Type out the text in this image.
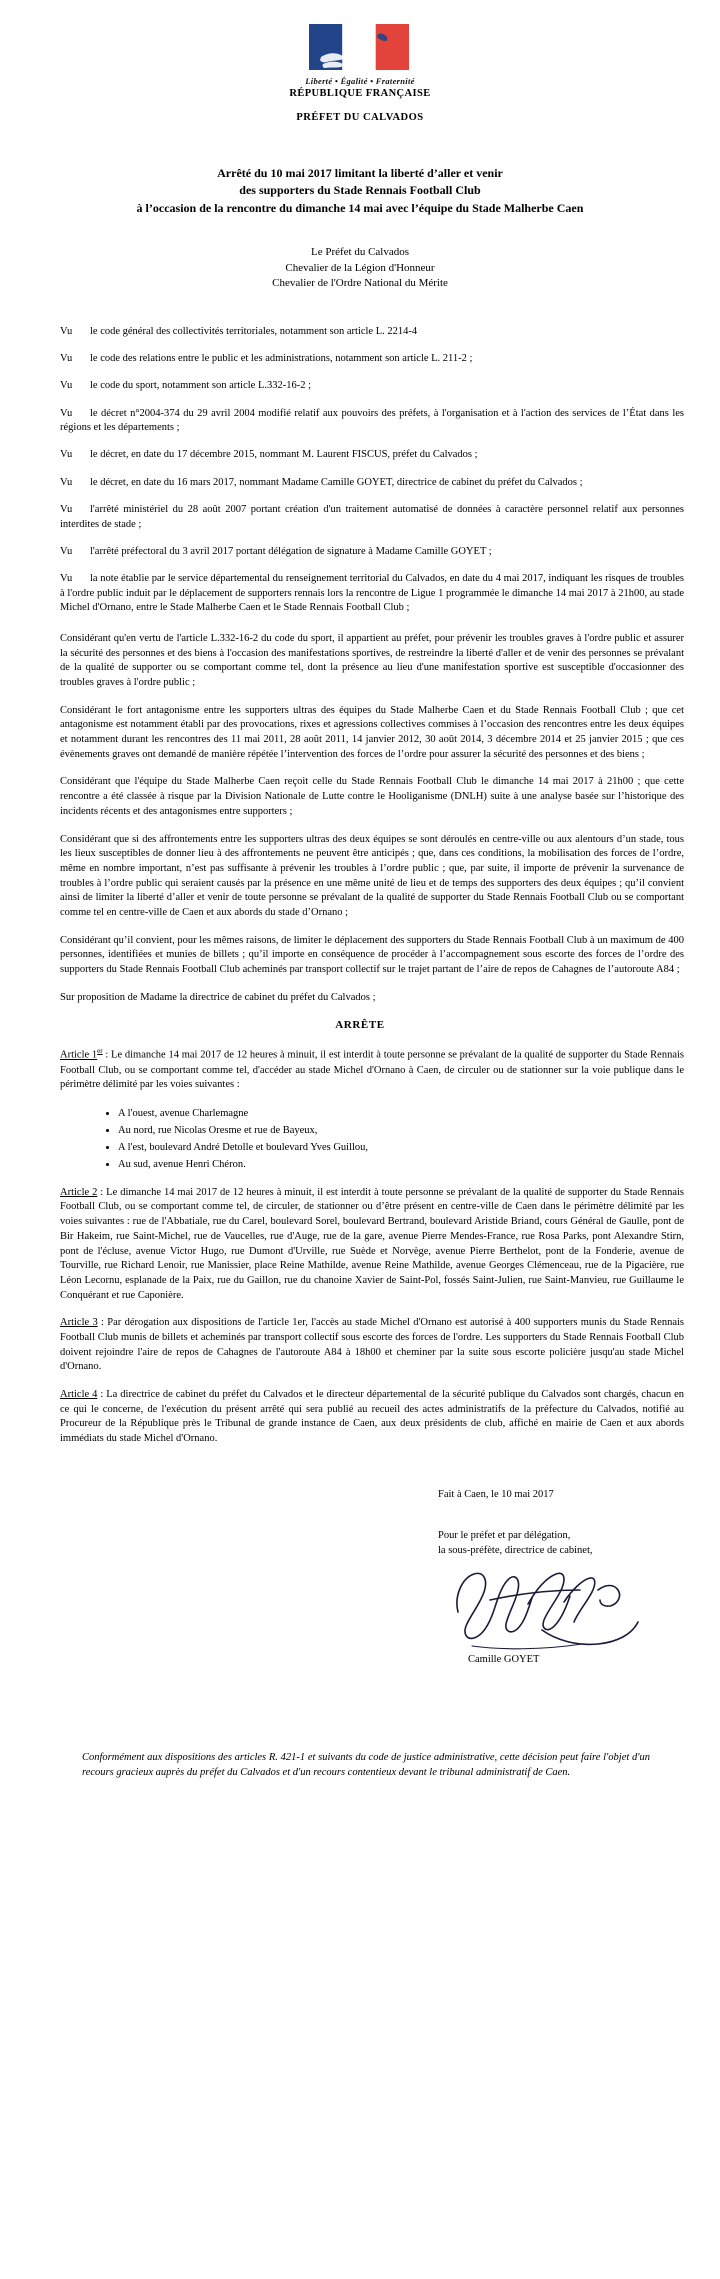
Liberté • Égalité • Fraternité
RÉPUBLIQUE FRANÇAISE
PRÉFET DU CALVADOS
Arrêté du 10 mai 2017 limitant la liberté d’aller et venir
des supporters du Stade Rennais Football Club
à l’occasion de la rencontre du dimanche 14 mai avec l’équipe du Stade Malherbe Caen
Le Préfet du Calvados
Chevalier de la Légion d'Honneur
Chevalier de l'Ordre National du Mérite

Vu le code général des collectivités territoriales, notamment son article L. 2214-4

Vu le code des relations entre le public et les administrations, notamment son article L. 211-2 ;

Vu le code du sport, notamment son article L.332-16-2 ;

Vu le décret n°2004-374 du 29 avril 2004 modifié relatif aux pouvoirs des préfets, à l'organisation et à l'action des services de l’État dans les régions et les départements ;

Vu le décret, en date du 17 décembre 2015, nommant M. Laurent FISCUS, préfet du Calvados ;

Vu le décret, en date du 16 mars 2017, nommant Madame Camille GOYET, directrice de cabinet du préfet du Calvados ;

Vu l'arrêté ministériel du 28 août 2007 portant création d'un traitement automatisé de données à caractère personnel relatif aux personnes interdites de stade ;

Vu l'arrêté préfectoral du 3 avril 2017 portant délégation de signature à Madame Camille GOYET ;

Vu la note établie par le service départemental du renseignement territorial du Calvados, en date du 4 mai 2017, indiquant les risques de troubles à l'ordre public induit par le déplacement de supporters rennais lors la rencontre de Ligue 1 programmée le dimanche 14 mai 2017 à 21h00, au stade Michel d'Ornano, entre le Stade Malherbe Caen et le Stade Rennais Football Club ;

Considérant qu'en vertu de l'article L.332-16-2 du code du sport, il appartient au préfet, pour prévenir les troubles graves à l'ordre public et assurer la sécurité des personnes et des biens à l'occasion des manifestations sportives, de restreindre la liberté d'aller et de venir des personnes se prévalant de la qualité de supporter ou se comportant comme tel, dont la présence au lieu d'une manifestation sportive est susceptible d'occasionner des troubles graves à l'ordre public ;

Considérant le fort antagonisme entre les supporters ultras des équipes du Stade Malherbe Caen et du Stade Rennais Football Club ; que cet antagonisme est notamment établi par des provocations, rixes et agressions collectives commises à l’occasion des rencontres entre les deux équipes et notamment durant les rencontres des 11 mai 2011, 28 août 2011, 14 janvier 2012, 30 août 2014, 3 décembre 2014 et 25 janvier 2015 ; que ces évènements graves ont demandé de manière répétée l’intervention des forces de l’ordre pour assurer la sécurité des personnes et des biens ;

Considérant que l'équipe du Stade Malherbe Caen reçoit celle du Stade Rennais Football Club le dimanche 14 mai 2017 à 21h00 ; que cette rencontre a été classée à risque par la Division Nationale de Lutte contre le Hooliganisme (DNLH) suite à une analyse basée sur l’historique des incidents récents et des antagonismes entre supporters ;

Considérant que si des affrontements entre les supporters ultras des deux équipes se sont déroulés en centre-ville ou aux alentours d’un stade, tous les lieux susceptibles de donner lieu à des affrontements ne peuvent être anticipés ; que, dans ces conditions, la mobilisation des forces de l’ordre, même en nombre important, n’est pas suffisante à prévenir les troubles à l’ordre public ; que, par suite, il importe de prévenir la survenance de troubles à l’ordre public qui seraient causés par la présence en une même unité de lieu et de temps des supporters des deux équipes ; qu’il convient ainsi de limiter la liberté d’aller et venir de toute personne se prévalant de la qualité de supporter du Stade Rennais Football Club ou se comportant comme tel en centre-ville de Caen et aux abords du stade d’Ornano ;

Considérant qu’il convient, pour les mêmes raisons, de limiter le déplacement des supporters du Stade Rennais Football Club à un maximum de 400 personnes, identifiées et munies de billets ; qu’il importe en conséquence de procéder à l’accompagnement sous escorte des forces de l’ordre des supporters du Stade Rennais Football Club acheminés par transport collectif sur le trajet partant de l’aire de repos de Cahagnes de l’autoroute A84 ;

Sur proposition de Madame la directrice de cabinet du préfet du Calvados ;

ARRÊTE

Article 1er : Le dimanche 14 mai 2017 de 12 heures à minuit, il est interdit à toute personne se prévalant de la qualité de supporter du Stade Rennais Football Club, ou se comportant comme tel, d'accéder au stade Michel d'Ornano à Caen, de circuler ou de stationner sur la voie publique dans le périmètre délimité par les voies suivantes :

• A l'ouest, avenue Charlemagne
• Au nord, rue Nicolas Oresme et rue de Bayeux,
• A l'est, boulevard André Detolle et boulevard Yves Guillou,
• Au sud, avenue Henri Chéron.

Article 2 : Le dimanche 14 mai 2017 de 12 heures à minuit, il est interdit à toute personne se prévalant de la qualité de supporter du Stade Rennais Football Club, ou se comportant comme tel, de circuler, de stationner ou d’être présent en centre-ville de Caen dans le périmètre délimité par les voies suivantes : rue de l'Abbatiale, rue du Carel, boulevard Sorel, boulevard Bertrand, boulevard Aristide Briand, cours Général de Gaulle, pont de Bir Hakeim, rue Saint-Michel, rue de Vaucelles, rue d'Auge, rue de la gare, avenue Pierre Mendes-France, rue Rosa Parks, pont Alexandre Stirn, pont de l'écluse, avenue Victor Hugo, rue Dumont d'Urville, rue Suède et Norvège, avenue Pierre Berthelot, pont de la Fonderie, avenue de Tourville, rue Richard Lenoir, rue Manissier, place Reine Mathilde, avenue Reine Mathilde, avenue Georges Clémenceau, rue de la Pigacière, rue Léon Lecornu, esplanade de la Paix, rue du Gaillon, rue du chanoine Xavier de Saint-Pol, fossés Saint-Julien, rue Saint-Manvieu, rue Guillaume le Conquérant et rue Caponière.

Article 3 : Par dérogation aux dispositions de l'article 1er, l'accès au stade Michel d'Ornano est autorisé à 400 supporters munis du Stade Rennais Football Club munis de billets et acheminés par transport collectif sous escorte des forces de l'ordre. Les supporters du Stade Rennais Football Club doivent rejoindre l'aire de repos de Cahagnes de l'autoroute A84 à 18h00 et cheminer par la suite sous escorte policière jusqu'au stade Michel d'Ornano.

Article 4 : La directrice de cabinet du préfet du Calvados et le directeur départemental de la sécurité publique du Calvados sont chargés, chacun en ce qui le concerne, de l'exécution du présent arrêté qui sera publié au recueil des actes administratifs de la préfecture du Calvados, notifié au Procureur de la République près le Tribunal de grande instance de Caen, aux deux présidents de club, affiché en mairie de Caen et aux abords immédiats du stade Michel d'Ornano.

Fait à Caen, le 10 mai 2017
Pour le préfet et par délégation,
la sous-préfète, directrice de cabinet,
Camille GOYET
Conformément aux dispositions des articles R. 421-1 et suivants du code de justice administrative, cette décision peut faire l'objet d'un recours gracieux auprès du préfet du Calvados et d'un recours contentieux devant le tribunal administratif de Caen.
